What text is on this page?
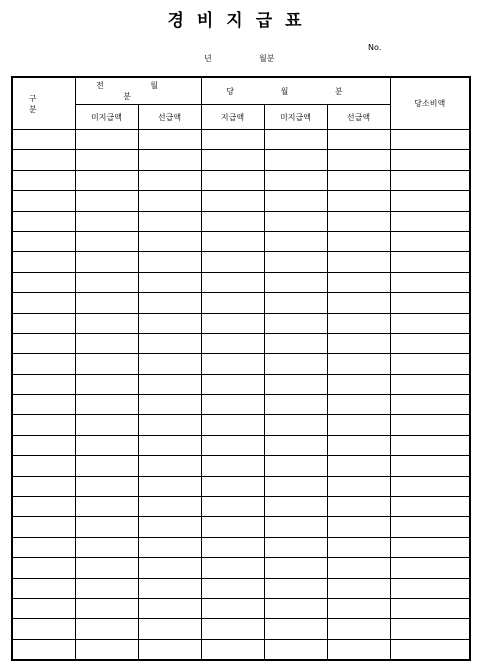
경비지급표
No.
년	월분
구 분	전 월 분		당 월 분			당소비액
	미지급액	선급액	지급액	미지급액	선급액	
